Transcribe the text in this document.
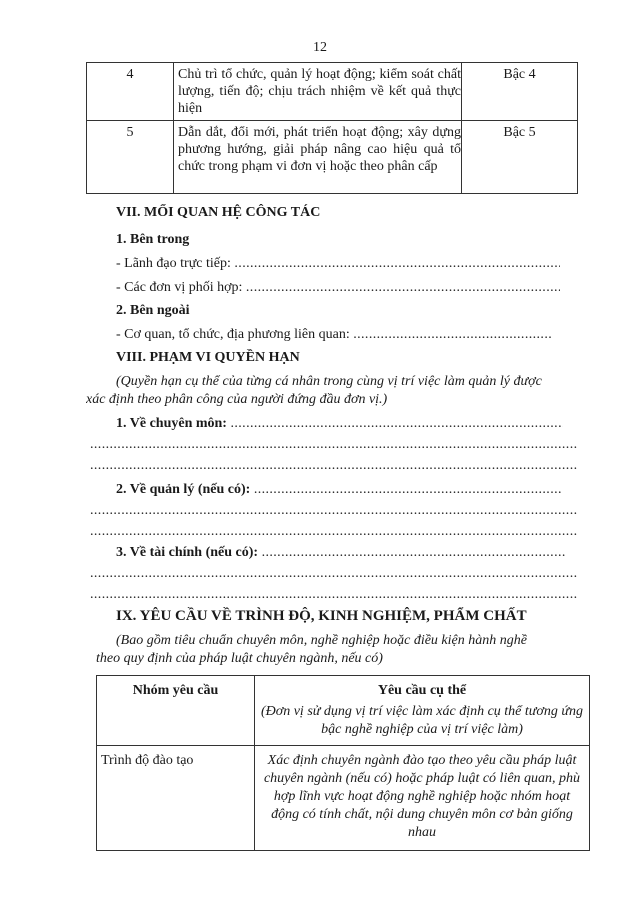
12
4	Chủ trì tổ chức, quản lý hoạt động; kiểm soát chất lượng, tiến độ; chịu trách nhiệm về kết quả thực hiện	Bậc 4
5	Dẫn dắt, đổi mới, phát triển hoạt động; xây dựng phương hướng, giải pháp nâng cao hiệu quả tổ chức trong phạm vi đơn vị hoặc theo phân cấp	Bậc 5
VII. MỐI QUAN HỆ CÔNG TÁC
1. Bên trong
- Lãnh đạo trực tiếp: .....
- Các đơn vị phối hợp: .....
2. Bên ngoài
- Cơ quan, tổ chức, địa phương liên quan: .....
VIII. PHẠM VI QUYỀN HẠN
(Quyền hạn cụ thể của từng cá nhân trong cùng vị trí việc làm quản lý được
xác định theo phân công của người đứng đầu đơn vị.)
1. Về chuyên môn: .....
.....
.....
2. Về quản lý (nếu có): .....
.....
.....
3. Về tài chính (nếu có): .....
.....
.....
IX. YÊU CẦU VỀ TRÌNH ĐỘ, KINH NGHIỆM, PHẨM CHẤT
(Bao gồm tiêu chuẩn chuyên môn, nghề nghiệp hoặc điều kiện hành nghề
theo quy định của pháp luật chuyên ngành, nếu có)
Nhóm yêu cầu	Yêu cầu cụ thể
(Đơn vị sử dụng vị trí việc làm xác định cụ thể tương ứng bậc nghề nghiệp của vị trí việc làm)

Trình độ đào tạo	Xác định chuyên ngành đào tạo theo yêu cầu pháp luật chuyên ngành (nếu có) hoặc pháp luật có liên quan, phù hợp lĩnh vực hoạt động nghề nghiệp hoặc nhóm hoạt động có tính chất, nội dung chuyên môn cơ bản giống nhau
